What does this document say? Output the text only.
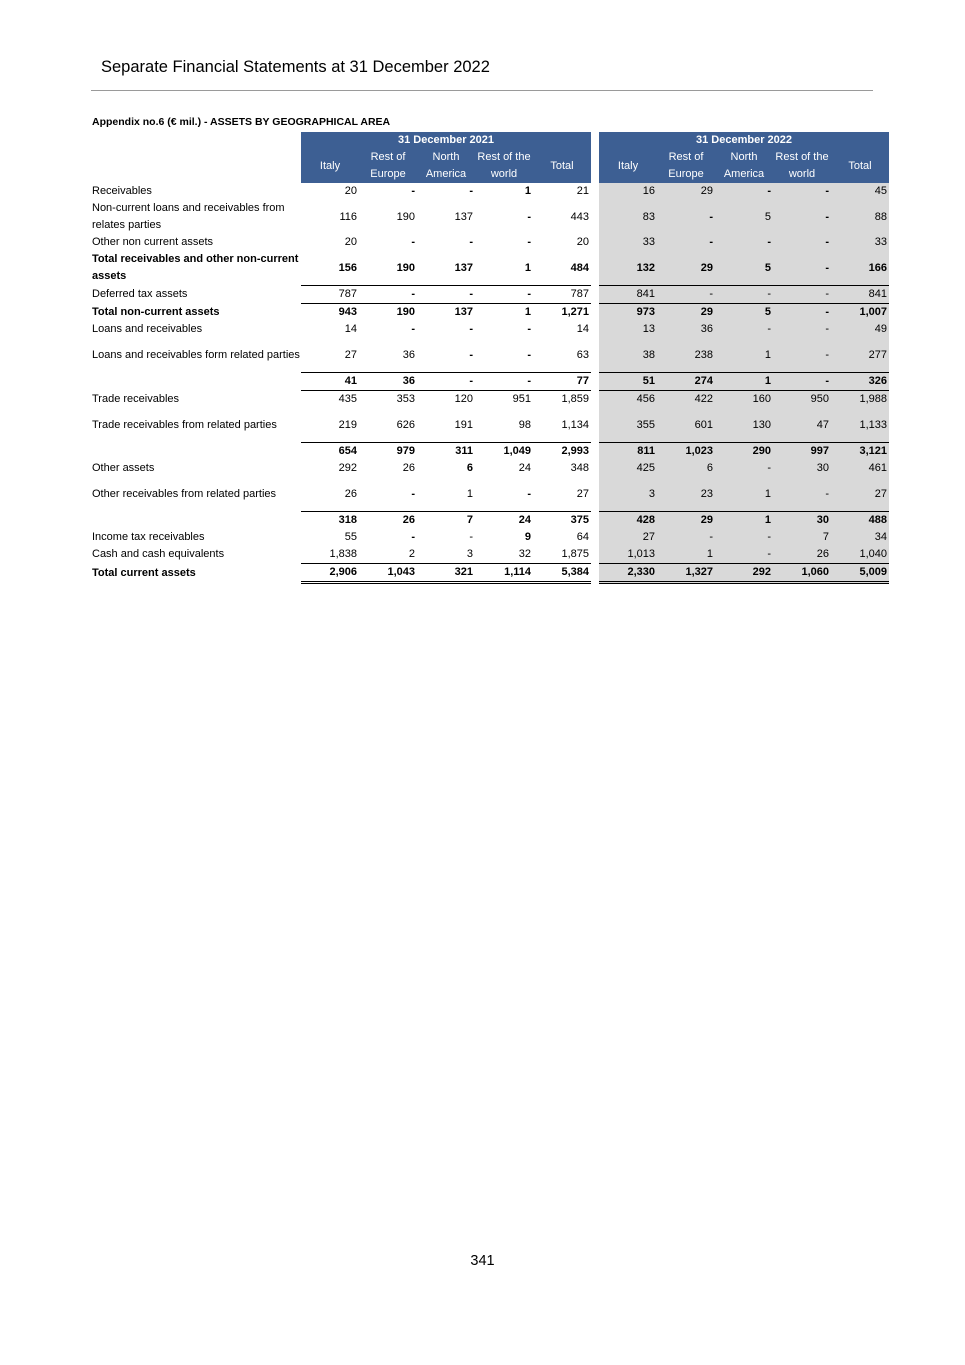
Separate Financial Statements at 31 December 2022
Appendix no.6 (€ mil.) - ASSETS BY GEOGRAPHICAL AREA
	31 December 2021						31 December 2022				
	Italy	Rest of Europe	North America	Rest of the world	Total		Italy	Rest of Europe	North America	Rest of the world	Total
Receivables	20	-	-	1	21		16	29	-	-	45

Non-current loans and receivables from relates parties	116	190	137	-	443		83	-	5	-	88
Other non current assets	20	-	-	-	20		33	-	-	-	33

Total receivables and other non-current assets	156	190	137	1	484		132	29	5	-	166
Deferred tax assets	787	-	-	-	787		841	-	-	-	841
Total non-current assets	943	190	137	1	1,271		973	29	5	-	1,007
Loans and receivables	14	-	-	-	14		13	36	-	-	49

Loans and receivables form related parties	27	36	-	-	63		38	238	1	-	277
	41	36	-	-	77		51	274	1	-	326
Trade receivables	435	353	120	951	1,859		456	422	160	950	1,988

Trade receivables from related parties	219	626	191	98	1,134		355	601	130	47	1,133
	654	979	311	1,049	2,993		811	1,023	290	997	3,121
Other assets	292	26	6	24	348		425	6	-	30	461

Other receivables from related parties	26	-	1	-	27		3	23	1	-	27
	318	26	7	24	375		428	29	1	30	488
Income tax receivables	55	-	-	9	64		27	-	-	7	34
Cash and cash equivalents	1,838	2	3	32	1,875		1,013	1	-	26	1,040
Total current assets	2,906	1,043	321	1,114	5,384		2,330	1,327	292	1,060	5,009
341
